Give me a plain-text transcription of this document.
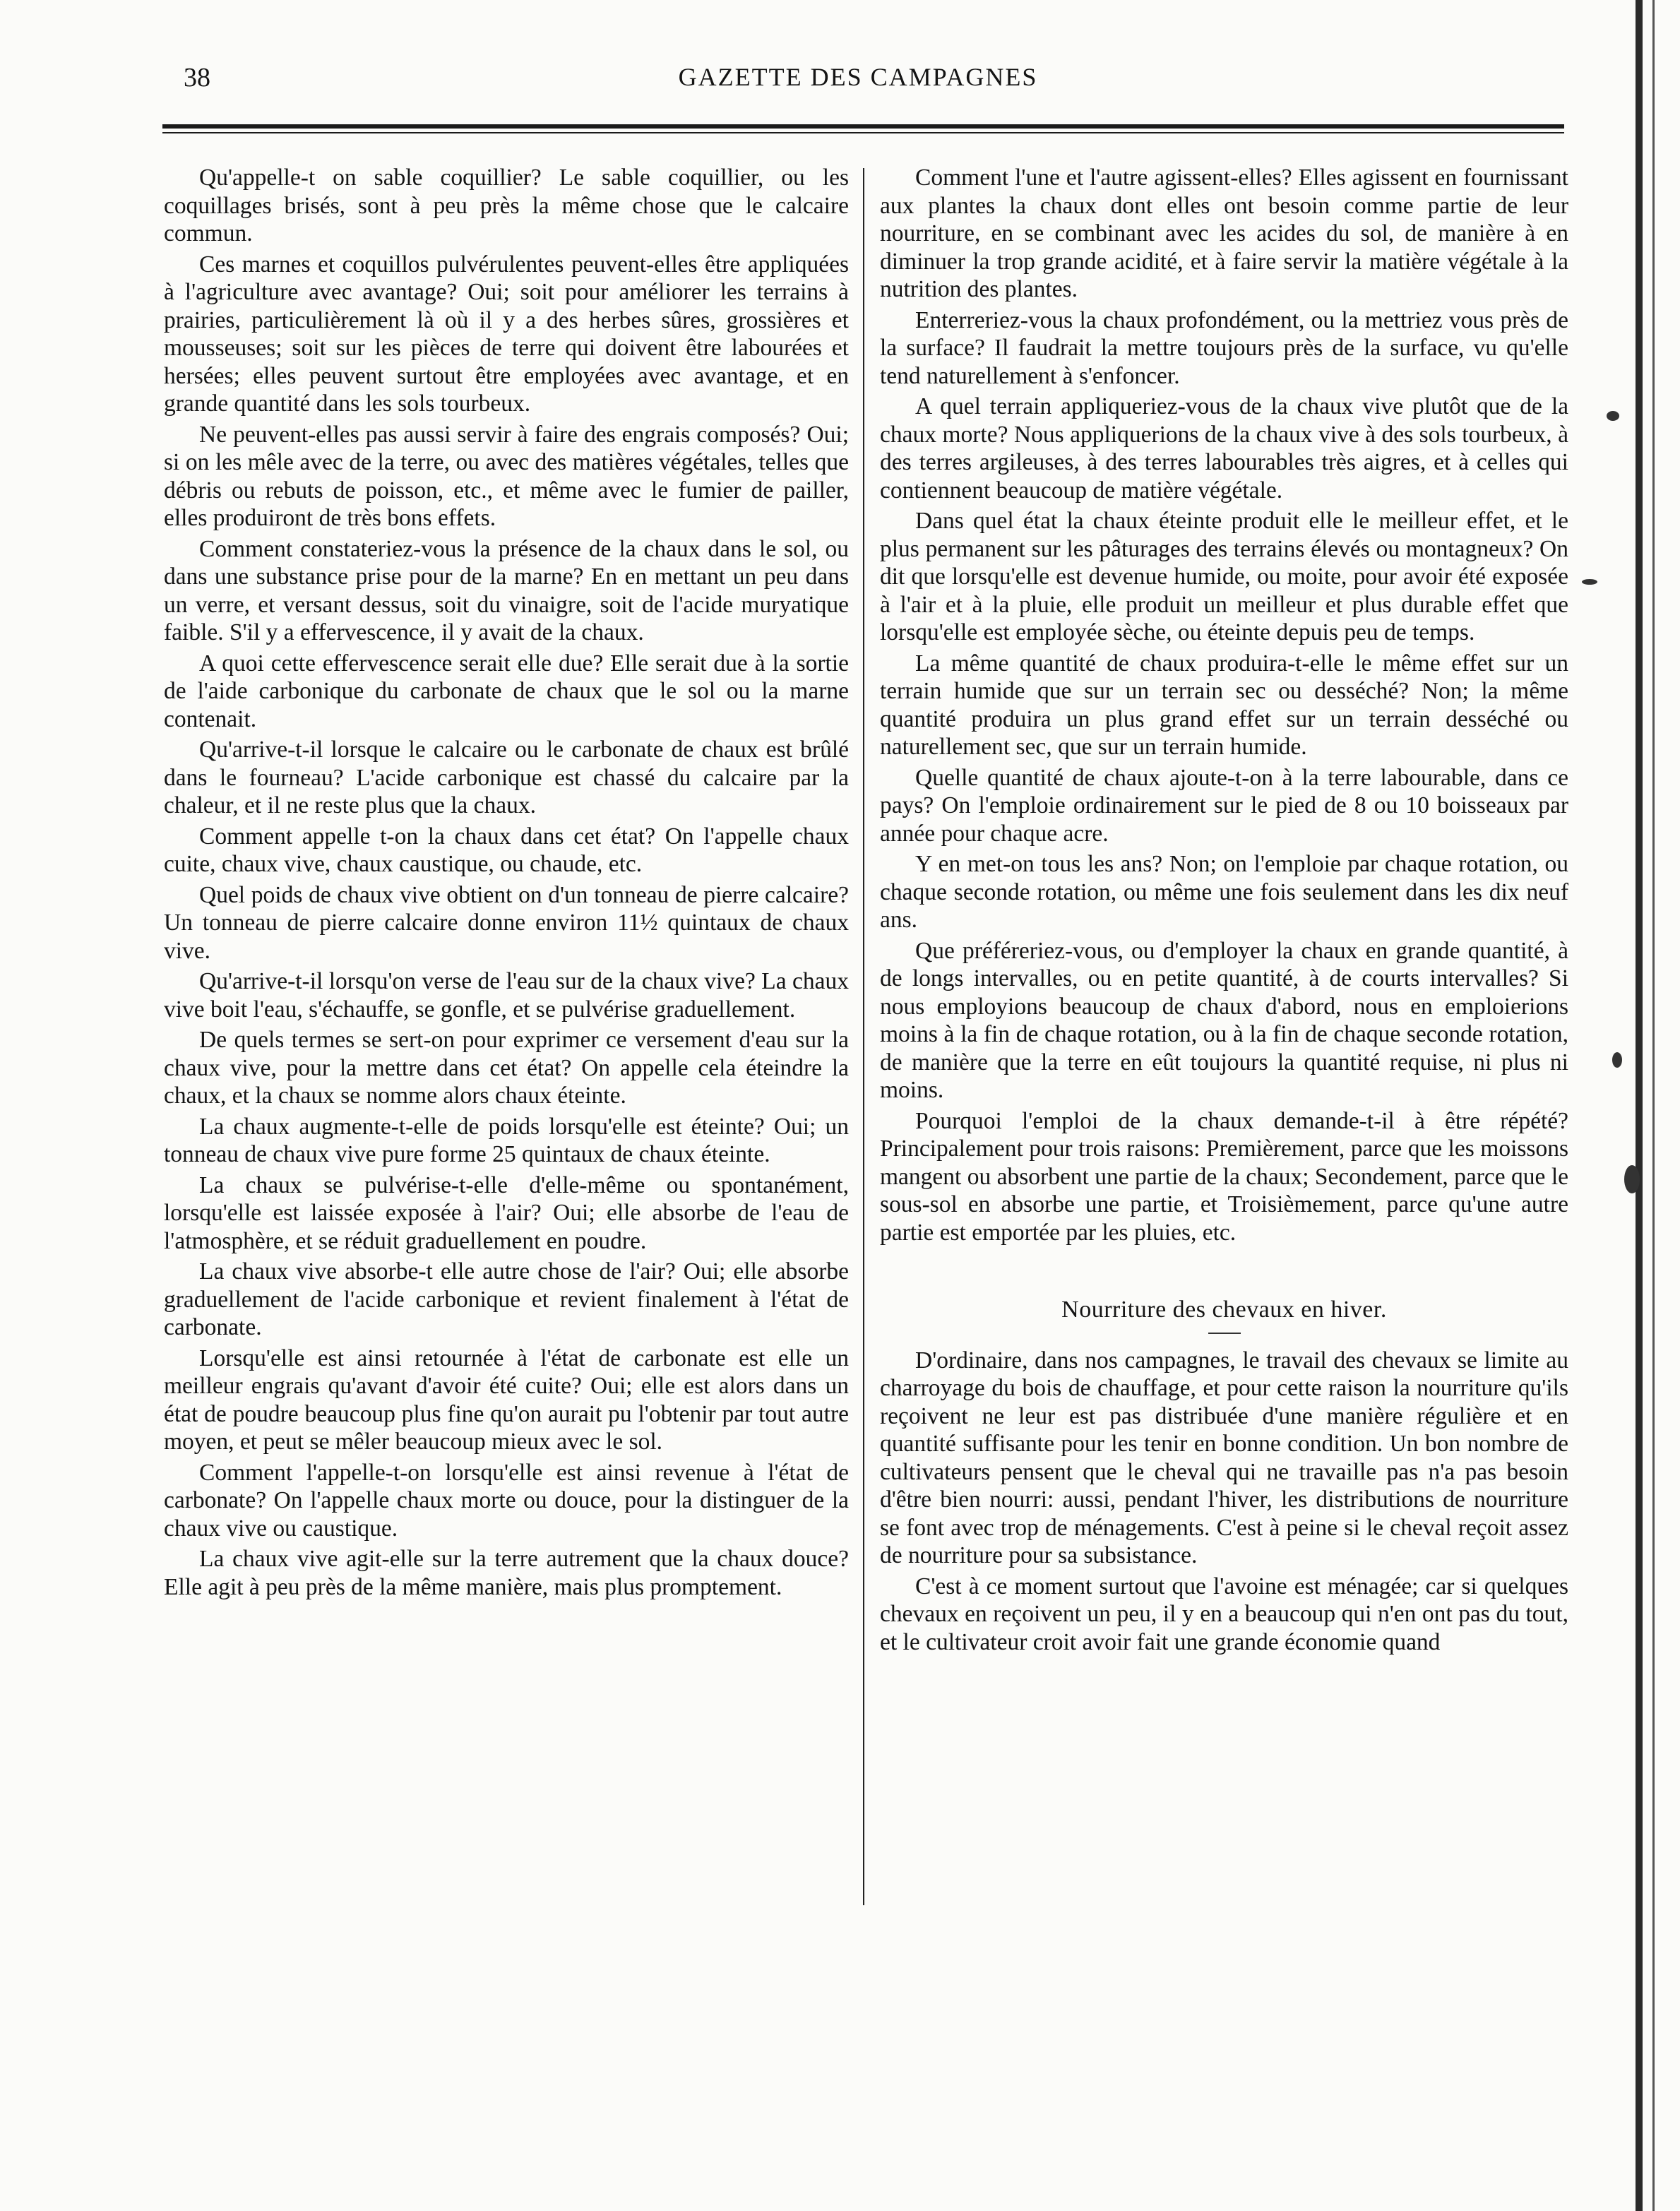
38	GAZETTE DES CAMPAGNES

Qu'appelle-t on sable coquillier? Le sable coquillier, ou les coquillages brisés, sont à peu près la même chose que le calcaire commun.

Ces marnes et coquillos pulvérulentes peuvent-elles être appliquées à l'agriculture avec avantage? Oui; soit pour améliorer les terrains à prairies, particulièrement là où il y a des herbes sûres, grossières et mousseuses; soit sur les pièces de terre qui doivent être labourées et hersées; elles peuvent surtout être employées avec avantage, et en grande quantité dans les sols tourbeux.

Ne peuvent-elles pas aussi servir à faire des engrais composés? Oui; si on les mêle avec de la terre, ou avec des matières végétales, telles que débris ou rebuts de poisson, etc., et même avec le fumier de pailler, elles produiront de très bons effets.

Comment constateriez-vous la présence de la chaux dans le sol, ou dans une substance prise pour de la marne? En en mettant un peu dans un verre, et versant dessus, soit du vinaigre, soit de l'acide muryatique faible. S'il y a effervescence, il y avait de la chaux.

A quoi cette effervescence serait elle due? Elle serait due à la sortie de l'aide carbonique du carbonate de chaux que le sol ou la marne contenait.

Qu'arrive-t-il lorsque le calcaire ou le carbonate de chaux est brûlé dans le fourneau? L'acide carbonique est chassé du calcaire par la chaleur, et il ne reste plus que la chaux.

Comment appelle t-on la chaux dans cet état? On l'appelle chaux cuite, chaux vive, chaux caustique, ou chaude, etc.

Quel poids de chaux vive obtient on d'un tonneau de pierre calcaire? Un tonneau de pierre calcaire donne environ 11½ quintaux de chaux vive.

Qu'arrive-t-il lorsqu'on verse de l'eau sur de la chaux vive? La chaux vive boit l'eau, s'échauffe, se gonfle, et se pulvérise graduellement.

De quels termes se sert-on pour exprimer ce versement d'eau sur la chaux vive, pour la mettre dans cet état? On appelle cela éteindre la chaux, et la chaux se nomme alors chaux éteinte.

La chaux augmente-t-elle de poids lorsqu'elle est éteinte? Oui; un tonneau de chaux vive pure forme 25 quintaux de chaux éteinte.

La chaux se pulvérise-t-elle d'elle-même ou spontanément, lorsqu'elle est laissée exposée à l'air? Oui; elle absorbe de l'eau de l'atmosphère, et se réduit graduellement en poudre.

La chaux vive absorbe-t elle autre chose de l'air? Oui; elle absorbe graduellement de l'acide carbonique et revient finalement à l'état de carbonate.

Lorsqu'elle est ainsi retournée à l'état de carbonate est elle un meilleur engrais qu'avant d'avoir été cuite? Oui; elle est alors dans un état de poudre beaucoup plus fine qu'on aurait pu l'obtenir par tout autre moyen, et peut se mêler beaucoup mieux avec le sol.

Comment l'appelle-t-on lorsqu'elle est ainsi revenue à l'état de carbonate? On l'appelle chaux morte ou douce, pour la distinguer de la chaux vive ou caustique.

La chaux vive agit-elle sur la terre autrement que la chaux douce? Elle agit à peu près de la même manière, mais plus promptement.

Comment l'une et l'autre agissent-elles? Elles agissent en fournissant aux plantes la chaux dont elles ont besoin comme partie de leur nourriture, en se combinant avec les acides du sol, de manière à en diminuer la trop grande acidité, et à faire servir la matière végétale à la nutrition des plantes.

Enterreriez-vous la chaux profondément, ou la mettriez vous près de la surface? Il faudrait la mettre toujours près de la surface, vu qu'elle tend naturellement à s'enfoncer.

A quel terrain appliqueriez-vous de la chaux vive plutôt que de la chaux morte? Nous appliquerions de la chaux vive à des sols tourbeux, à des terres argileuses, à des terres labourables très aigres, et à celles qui contiennent beaucoup de matière végétale.

Dans quel état la chaux éteinte produit elle le meilleur effet, et le plus permanent sur les pâturages des terrains élevés ou montagneux? On dit que lorsqu'elle est devenue humide, ou moite, pour avoir été exposée à l'air et à la pluie, elle produit un meilleur et plus durable effet que lorsqu'elle est employée sèche, ou éteinte depuis peu de temps.

La même quantité de chaux produira-t-elle le même effet sur un terrain humide que sur un terrain sec ou desséché? Non; la même quantité produira un plus grand effet sur un terrain desséché ou naturellement sec, que sur un terrain humide.

Quelle quantité de chaux ajoute-t-on à la terre labourable, dans ce pays? On l'emploie ordinairement sur le pied de 8 ou 10 boisseaux par année pour chaque acre.

Y en met-on tous les ans? Non; on l'emploie par chaque rotation, ou chaque seconde rotation, ou même une fois seulement dans les dix neuf ans.

Que préféreriez-vous, ou d'employer la chaux en grande quantité, à de longs intervalles, ou en petite quantité, à de courts intervalles? Si nous employions beaucoup de chaux d'abord, nous en emploierions moins à la fin de chaque rotation, ou à la fin de chaque seconde rotation, de manière que la terre en eût toujours la quantité requise, ni plus ni moins.

Pourquoi l'emploi de la chaux demande-t-il à être répété? Principalement pour trois raisons: Premièrement, parce que les moissons mangent ou absorbent une partie de la chaux; Secondement, parce que le sous-sol en absorbe une partie, et Troisièmement, parce qu'une autre partie est emportée par les pluies, etc.

Nourriture des chevaux en hiver.

D'ordinaire, dans nos campagnes, le travail des chevaux se limite au charroyage du bois de chauffage, et pour cette raison la nourriture qu'ils reçoivent ne leur est pas distribuée d'une manière régulière et en quantité suffisante pour les tenir en bonne condition. Un bon nombre de cultivateurs pensent que le cheval qui ne travaille pas n'a pas besoin d'être bien nourri: aussi, pendant l'hiver, les distributions de nourriture se font avec trop de ménagements. C'est à peine si le cheval reçoit assez de nourriture pour sa subsistance.

C'est à ce moment surtout que l'avoine est ménagée; car si quelques chevaux en reçoivent un peu, il y en a beaucoup qui n'en ont pas du tout, et le cultivateur croit avoir fait une grande économie quand
